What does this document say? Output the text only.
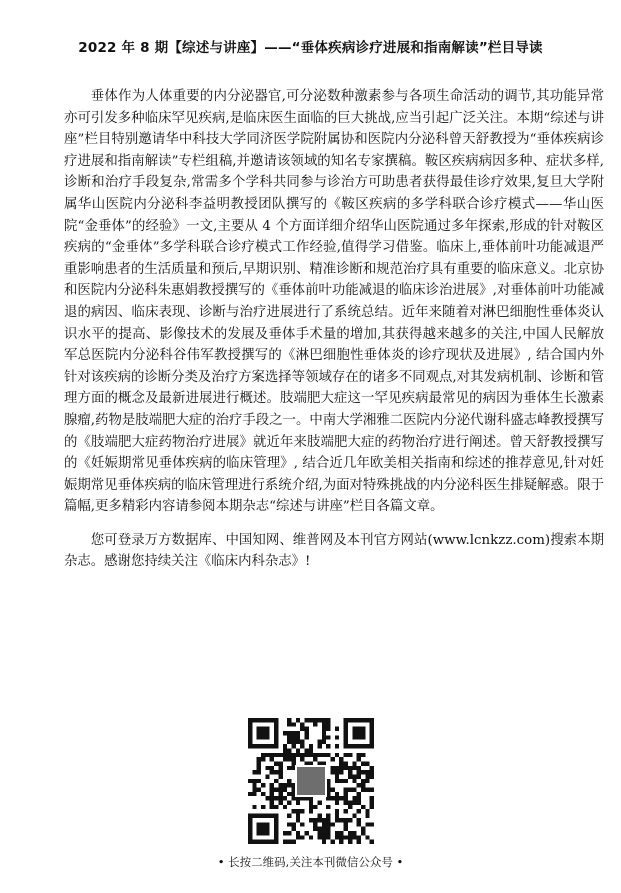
2022 年 8 期【综述与讲座】——“垂体疾病诊疗进展和指南解读”栏目导读

垂体作为人体重要的内分泌器官,可分泌数种激素参与各项生命活动的调节,其功能异常亦可引发多种临床罕见疾病,是临床医生面临的巨大挑战,应当引起广泛关注。本期“综述与讲座”栏目特别邀请华中科技大学同济医学院附属协和医院内分泌科曾天舒教授为“垂体疾病诊疗进展和指南解读”专栏组稿,并邀请该领域的知名专家撰稿。鞍区疾病病因多种、症状多样,诊断和治疗手段复杂,常需多个学科共同参与诊治方可助患者获得最佳诊疗效果,复旦大学附属华山医院内分泌科李益明教授团队撰写的《鞍区疾病的多学科联合诊疗模式——华山医院“金垂体”的经验》一文,主要从 4 个方面详细介绍华山医院通过多年探索,形成的针对鞍区疾病的“金垂体”多学科联合诊疗模式工作经验,值得学习借鉴。临床上,垂体前叶功能减退严重影响患者的生活质量和预后,早期识别、精准诊断和规范治疗具有重要的临床意义。北京协和医院内分泌科朱惠娟教授撰写的《垂体前叶功能减退的临床诊治进展》,对垂体前叶功能减退的病因、临床表现、诊断与治疗进展进行了系统总结。近年来随着对淋巴细胞性垂体炎认识水平的提高、影像技术的发展及垂体手术量的增加,其获得越来越多的关注,中国人民解放军总医院内分泌科谷伟军教授撰写的《淋巴细胞性垂体炎的诊疗现状及进展》, 结合国内外针对该疾病的诊断分类及治疗方案选择等领域存在的诸多不同观点,对其发病机制、诊断和管理方面的概念及最新进展进行概述。肢端肥大症这一罕见疾病最常见的病因为垂体生长激素腺瘤,药物是肢端肥大症的治疗手段之一。中南大学湘雅二医院内分泌代谢科盛志峰教授撰写的《肢端肥大症药物治疗进展》就近年来肢端肥大症的药物治疗进行阐述。曾天舒教授撰写的《妊娠期常见垂体疾病的临床管理》, 结合近几年欧美相关指南和综述的推荐意见,针对妊娠期常见垂体疾病的临床管理进行系统介绍,为面对特殊挑战的内分泌科医生排疑解惑。限于篇幅,更多精彩内容请参阅本期杂志“综述与讲座”栏目各篇文章。

您可登录万方数据库、中国知网、维普网及本刊官方网站(www.lcnkzz.com)搜索本期杂志。感谢您持续关注《临床内科杂志》!

• 长按二维码,关注本刊微信公众号 •
